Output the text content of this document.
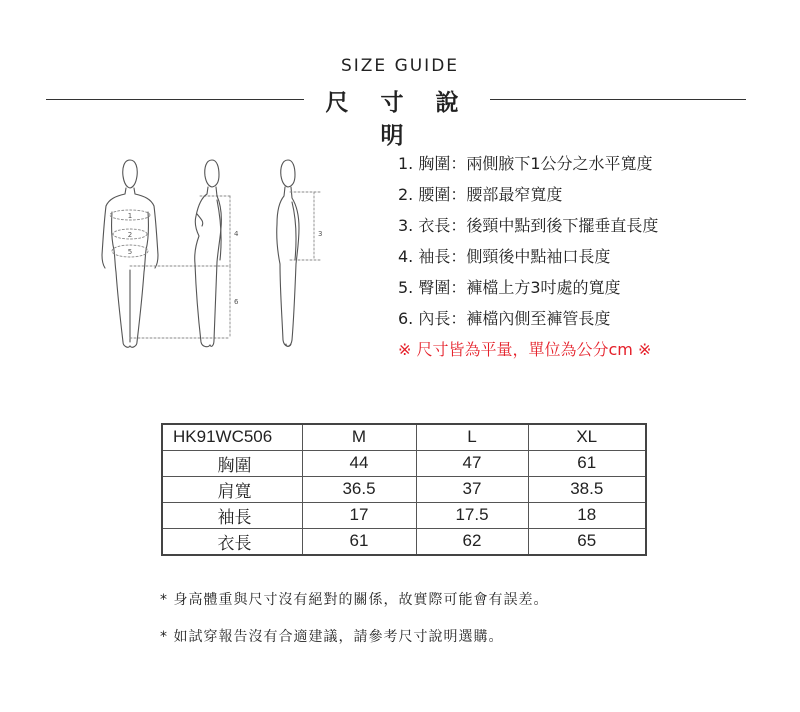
SIZE GUIDE
尺 寸 說 明
1
2
5
4
6
3
1. 胸圍：兩側腋下1公分之水平寬度
2. 腰圍：腰部最窄寬度
3. 衣長：後頸中點到後下擺垂直長度
4. 袖長：側頸後中點袖口長度
5. 臀圍：褲檔上方3吋處的寬度
6. 內長：褲檔內側至褲管長度
※ 尺寸皆為平量，單位為公分cm ※
HK91WC506	M	L	XL
胸圍	44	47	61
肩寬	36.5	37	38.5
袖長	17	17.5	18
衣長	61	62	65
* 身高體重與尺寸沒有絕對的關係，故實際可能會有誤差。
* 如試穿報告沒有合適建議，請參考尺寸說明選購。
